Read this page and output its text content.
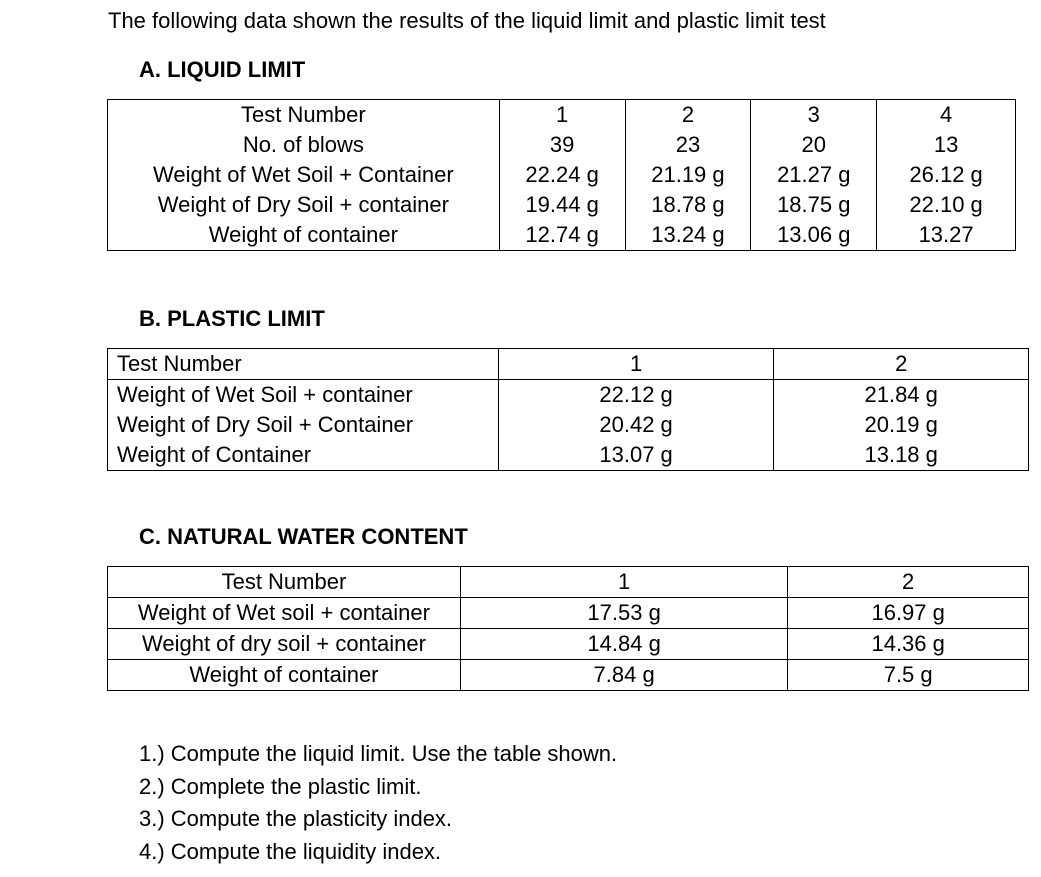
The following data shown the results of the liquid limit and plastic limit test
A. LIQUID LIMIT
Test Number	1	2	3	4
No. of blows	39	23	20	13
Weight of Wet Soil + Container	22.24 g	21.19 g	21.27 g	26.12 g
Weight of Dry Soil + container	19.44 g	18.78 g	18.75 g	22.10 g
Weight of container	12.74 g	13.24 g	13.06 g	13.27
B. PLASTIC LIMIT
Test Number	1	2
Weight of Wet Soil + container	22.12 g	21.84 g
Weight of Dry Soil + Container	20.42 g	20.19 g
Weight of Container	13.07 g	13.18 g
C. NATURAL WATER CONTENT
Test Number	1	2
Weight of Wet soil + container	17.53 g	16.97 g
Weight of dry soil + container	14.84 g	14.36 g
Weight of container	7.84 g	7.5 g
1.) Compute the liquid limit. Use the table shown.
2.) Complete the plastic limit.
3.) Compute the plasticity index.
4.) Compute the liquidity index.
